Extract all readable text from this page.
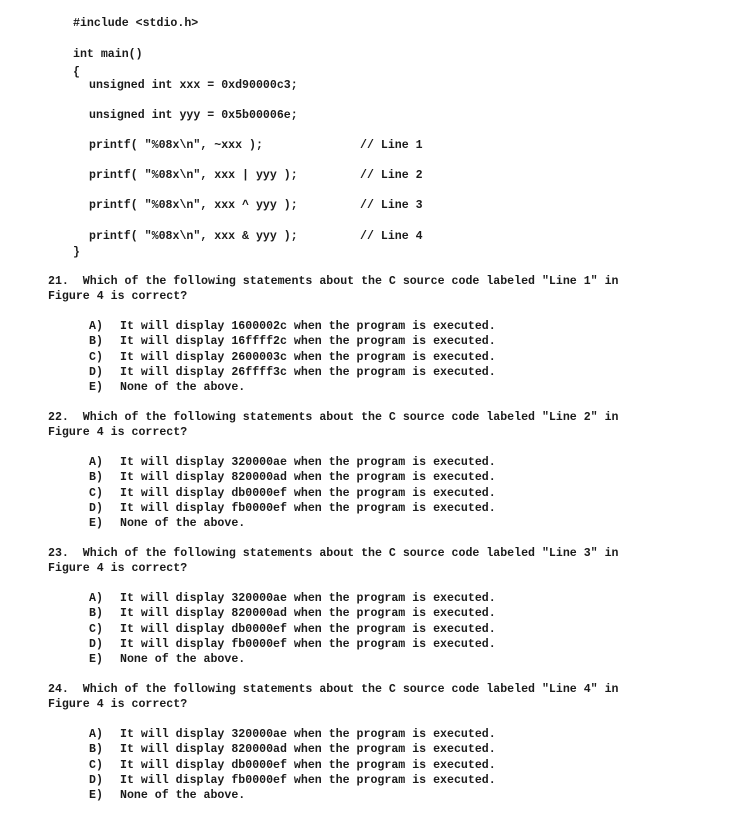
#include <stdio.h>
int main()
{
unsigned int xxx = 0xd90000c3;
unsigned int yyy = 0x5b00006e;
printf( "%08x\n", ~xxx );	// Line 1
printf( "%08x\n", xxx | yyy );	// Line 2
printf( "%08x\n", xxx ^ yyy );	// Line 3
printf( "%08x\n", xxx & yyy );	// Line 4
}
21.  Which of the following statements about the C source code labeled "Line 1" in
Figure 4 is correct?
A) It will display 1600002c when the program is executed.
B) It will display 16ffff2c when the program is executed.
C) It will display 2600003c when the program is executed.
D) It will display 26ffff3c when the program is executed.
E) None of the above.
22.  Which of the following statements about the C source code labeled "Line 2" in
Figure 4 is correct?
A) It will display 320000ae when the program is executed.
B) It will display 820000ad when the program is executed.
C) It will display db0000ef when the program is executed.
D) It will display fb0000ef when the program is executed.
E) None of the above.
23.  Which of the following statements about the C source code labeled "Line 3" in
Figure 4 is correct?
A) It will display 320000ae when the program is executed.
B) It will display 820000ad when the program is executed.
C) It will display db0000ef when the program is executed.
D) It will display fb0000ef when the program is executed.
E) None of the above.
24.  Which of the following statements about the C source code labeled "Line 4" in
Figure 4 is correct?
A) It will display 320000ae when the program is executed.
B) It will display 820000ad when the program is executed.
C) It will display db0000ef when the program is executed.
D) It will display fb0000ef when the program is executed.
E) None of the above.
